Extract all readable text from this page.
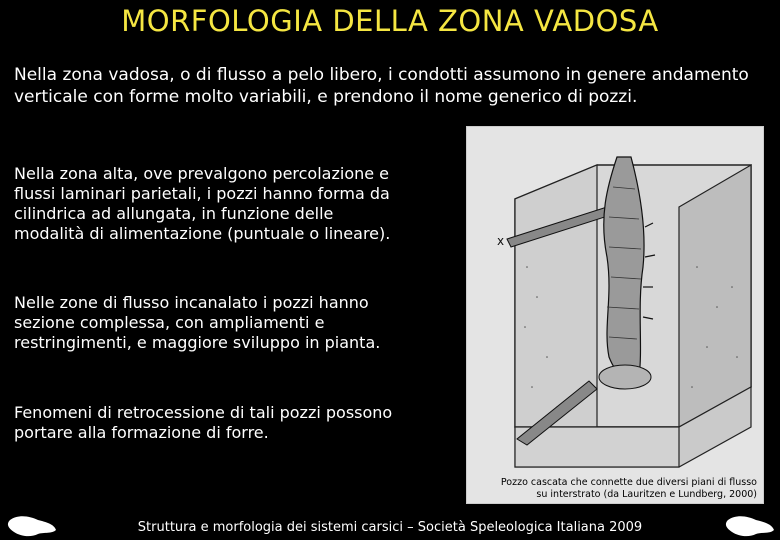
MORFOLOGIA DELLA ZONA VADOSA
Nella zona vadosa, o di flusso a pelo libero, i condotti assumono in genere andamento verticale con forme molto variabili, e prendono il nome generico di pozzi.
Nella zona alta, ove prevalgono percolazione e flussi laminari parietali, i pozzi hanno forma da cilindrica ad allungata, in funzione delle modalità di alimentazione (puntuale o lineare).
Nelle zone di flusso incanalato i pozzi hanno sezione complessa, con ampliamenti e restringimenti, e maggiore sviluppo in pianta.
Fenomeni di retrocessione di tali pozzi possono portare alla formazione di forre.
x
Pozzo cascata che connette due diversi piani di flusso
su interstrato (da Lauritzen e Lundberg, 2000)
Struttura e morfologia dei sistemi carsici – Società Speleologica Italiana 2009
